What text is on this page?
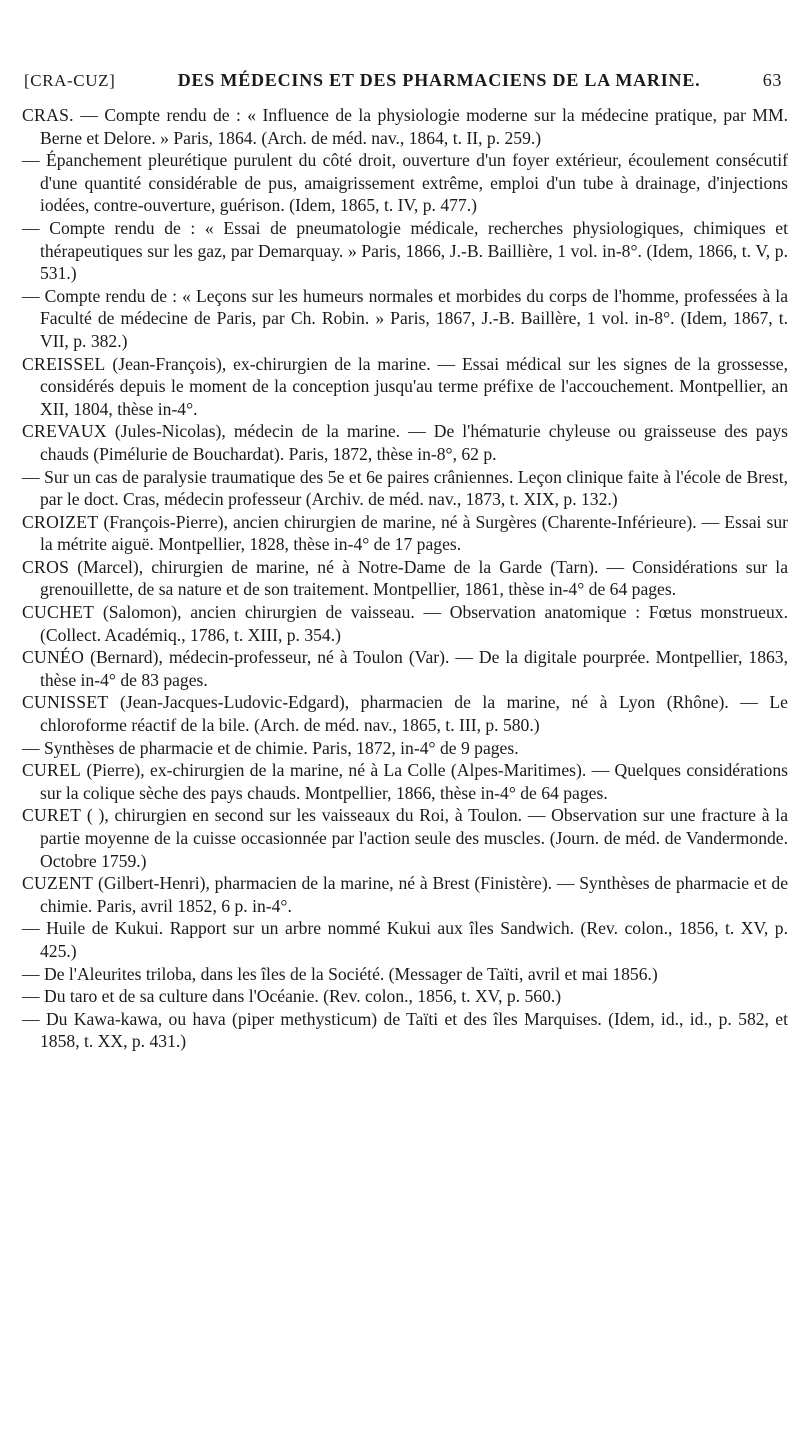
[CRA-CUZ]	DES MÉDECINS ET DES PHARMACIENS DE LA MARINE.	63

CRAS. — Compte rendu de : « Influence de la physiologie moderne sur la médecine pratique, par MM. Berne et Delore. » Paris, 1864. (Arch. de méd. nav., 1864, t. II, p. 259.)

— Épanchement pleurétique purulent du côté droit, ouverture d'un foyer extérieur, écoulement consécutif d'une quantité considérable de pus, amaigrissement extrême, emploi d'un tube à drainage, d'injections iodées, contre-ouverture, guérison. (Idem, 1865, t. IV, p. 477.)

— Compte rendu de : « Essai de pneumatologie médicale, recherches physiologiques, chimiques et thérapeutiques sur les gaz, par Demarquay. » Paris, 1866, J.-B. Baillière, 1 vol. in-8°. (Idem, 1866, t. V, p. 531.)

— Compte rendu de : « Leçons sur les humeurs normales et morbides du corps de l'homme, professées à la Faculté de médecine de Paris, par Ch. Robin. » Paris, 1867, J.-B. Baillère, 1 vol. in-8°. (Idem, 1867, t. VII, p. 382.)

CREISSEL (Jean-François), ex-chirurgien de la marine. — Essai médical sur les signes de la grossesse, considérés depuis le moment de la conception jusqu'au terme préfixe de l'accouchement. Montpellier, an XII, 1804, thèse in-4°.

CREVAUX (Jules-Nicolas), médecin de la marine. — De l'hématurie chyleuse ou graisseuse des pays chauds (Pimélurie de Bouchardat). Paris, 1872, thèse in-8°, 62 p.

— Sur un cas de paralysie traumatique des 5e et 6e paires crâniennes. Leçon clinique faite à l'école de Brest, par le doct. Cras, médecin professeur (Archiv. de méd. nav., 1873, t. XIX, p. 132.)

CROIZET (François-Pierre), ancien chirurgien de marine, né à Surgères (Charente-Inférieure). — Essai sur la métrite aiguë. Montpellier, 1828, thèse in-4° de 17 pages.

CROS (Marcel), chirurgien de marine, né à Notre-Dame de la Garde (Tarn). — Considérations sur la grenouillette, de sa nature et de son traitement. Montpellier, 1861, thèse in-4° de 64 pages.

CUCHET (Salomon), ancien chirurgien de vaisseau. — Observation anatomique : Fœtus monstrueux. (Collect. Académiq., 1786, t. XIII, p. 354.)

CUNÉO (Bernard), médecin-professeur, né à Toulon (Var). — De la digitale pourprée. Montpellier, 1863, thèse in-4° de 83 pages.

CUNISSET (Jean-Jacques-Ludovic-Edgard), pharmacien de la marine, né à Lyon (Rhône). — Le chloroforme réactif de la bile. (Arch. de méd. nav., 1865, t. III, p. 580.)

— Synthèses de pharmacie et de chimie. Paris, 1872, in-4° de 9 pages.

CUREL (Pierre), ex-chirurgien de la marine, né à La Colle (Alpes-Maritimes). — Quelques considérations sur la colique sèche des pays chauds. Montpellier, 1866, thèse in-4° de 64 pages.

CURET ( ), chirurgien en second sur les vaisseaux du Roi, à Toulon. — Observation sur une fracture à la partie moyenne de la cuisse occasionnée par l'action seule des muscles. (Journ. de méd. de Vandermonde. Octobre 1759.)

CUZENT (Gilbert-Henri), pharmacien de la marine, né à Brest (Finistère). — Synthèses de pharmacie et de chimie. Paris, avril 1852, 6 p. in-4°.

— Huile de Kukui. Rapport sur un arbre nommé Kukui aux îles Sandwich. (Rev. colon., 1856, t. XV, p. 425.)

— De l'Aleurites triloba, dans les îles de la Société. (Messager de Taïti, avril et mai 1856.)

— Du taro et de sa culture dans l'Océanie. (Rev. colon., 1856, t. XV, p. 560.)

— Du Kawa-kawa, ou hava (piper methysticum) de Taïti et des îles Marquises. (Idem, id., id., p. 582, et 1858, t. XX, p. 431.)
